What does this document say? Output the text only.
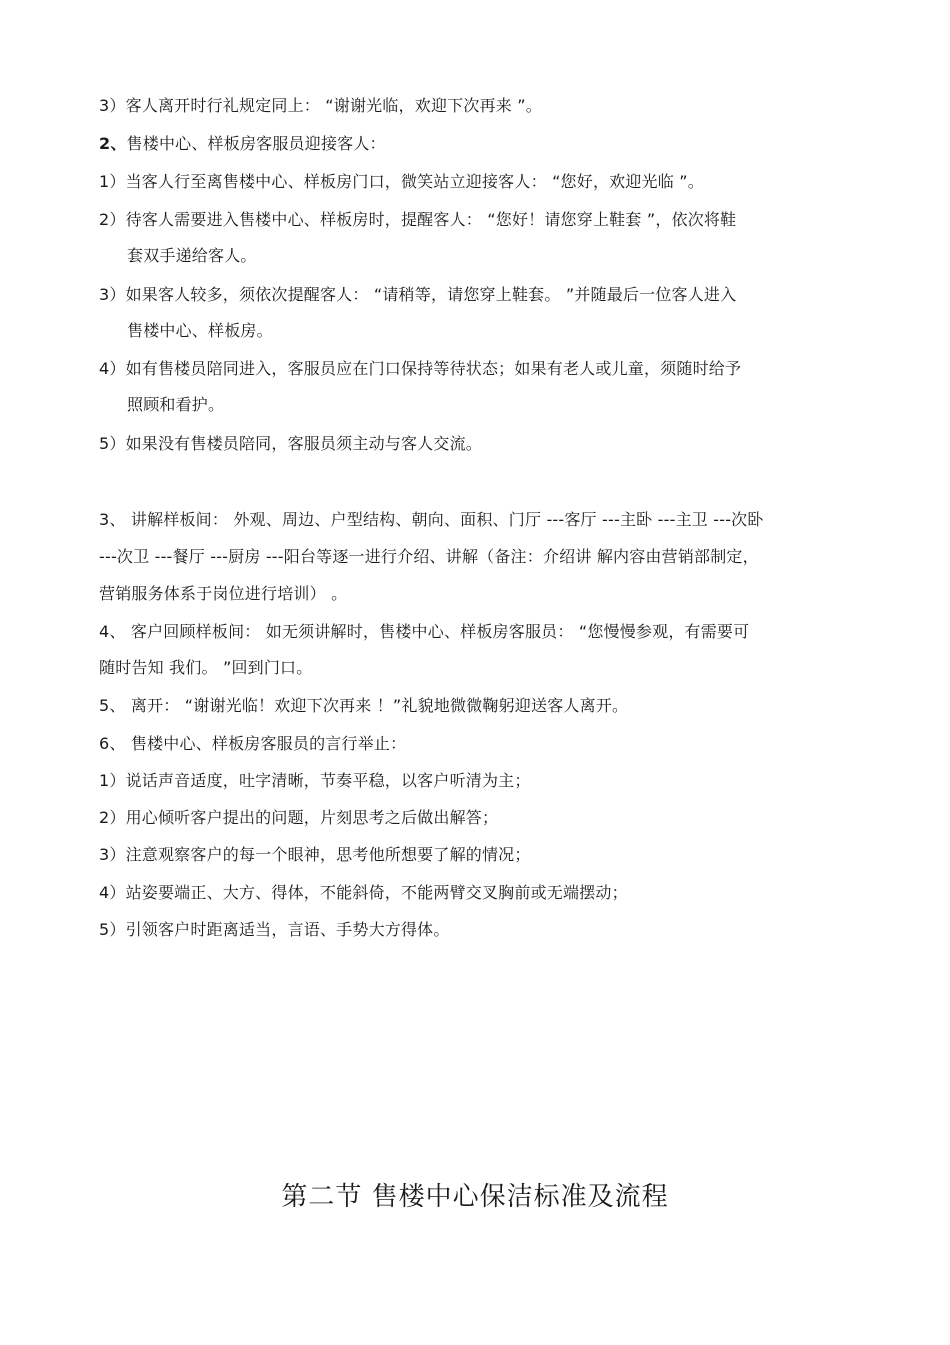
3）客人离开时行礼规定同上： “谢谢光临，欢迎下次再来 ”。
2、售楼中心、样板房客服员迎接客人：
1）当客人行至离售楼中心、样板房门口，微笑站立迎接客人： “您好，欢迎光临 ”。
2）待客人需要进入售楼中心、样板房时，提醒客人： “您好！请您穿上鞋套 ”，依次将鞋
套双手递给客人。
3）如果客人较多，须依次提醒客人： “请稍等，请您穿上鞋套。 ”并随最后一位客人进入
售楼中心、样板房。
4）如有售楼员陪同进入，客服员应在门口保持等待状态；如果有老人或儿童，须随时给予
照顾和看护。
5）如果没有售楼员陪同，客服员须主动与客人交流。
3、 讲解样板间： 外观、周边、户型结构、朝向、面积、门厅 ---客厅 ---主卧 ---主卫 ---次卧
---次卫 ---餐厅 ---厨房 ---阳台等逐一进行介绍、讲解（备注：介绍讲 解内容由营销部制定，
营销服务体系于岗位进行培训） 。
4、 客户回顾样板间： 如无须讲解时，售楼中心、样板房客服员： “您慢慢参观，有需要可
随时告知 我们。 ”回到门口。
5、 离开： “谢谢光临！欢迎下次再来 ！”礼貌地微微鞠躬迎送客人离开。
6、 售楼中心、样板房客服员的言行举止：
1）说话声音适度，吐字清晰，节奏平稳，以客户听清为主；
2）用心倾听客户提出的问题，片刻思考之后做出解答；
3）注意观察客户的每一个眼神，思考他所想要了解的情况；
4）站姿要端正、大方、得体，不能斜倚，不能两臂交叉胸前或无端摆动；
5）引领客户时距离适当，言语、手势大方得体。
第二节 售楼中心保洁标准及流程
